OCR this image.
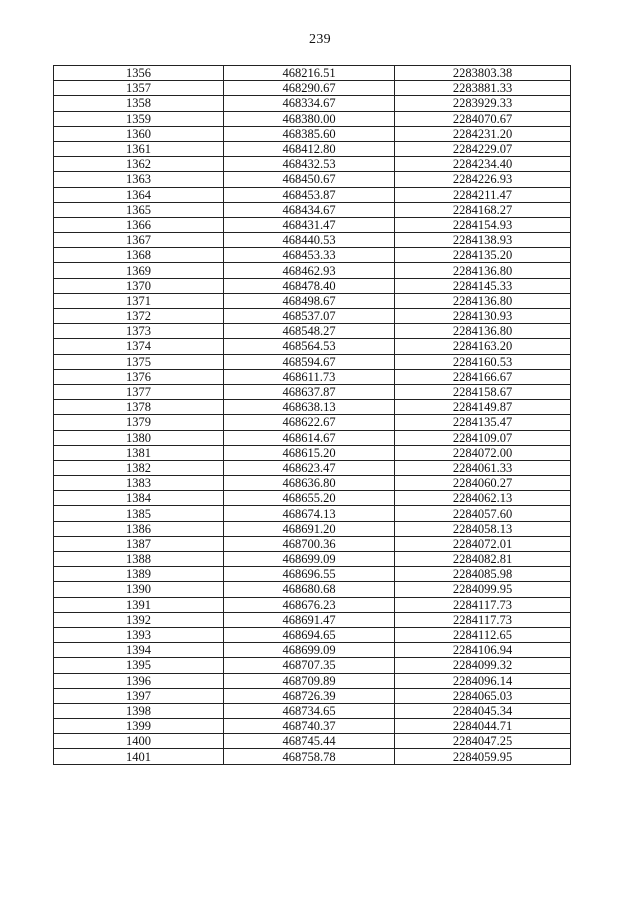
239
1356	468216.51	2283803.38
1357	468290.67	2283881.33
1358	468334.67	2283929.33
1359	468380.00	2284070.67
1360	468385.60	2284231.20
1361	468412.80	2284229.07
1362	468432.53	2284234.40
1363	468450.67	2284226.93
1364	468453.87	2284211.47
1365	468434.67	2284168.27
1366	468431.47	2284154.93
1367	468440.53	2284138.93
1368	468453.33	2284135.20
1369	468462.93	2284136.80
1370	468478.40	2284145.33
1371	468498.67	2284136.80
1372	468537.07	2284130.93
1373	468548.27	2284136.80
1374	468564.53	2284163.20
1375	468594.67	2284160.53
1376	468611.73	2284166.67
1377	468637.87	2284158.67
1378	468638.13	2284149.87
1379	468622.67	2284135.47
1380	468614.67	2284109.07
1381	468615.20	2284072.00
1382	468623.47	2284061.33
1383	468636.80	2284060.27
1384	468655.20	2284062.13
1385	468674.13	2284057.60
1386	468691.20	2284058.13
1387	468700.36	2284072.01
1388	468699.09	2284082.81
1389	468696.55	2284085.98
1390	468680.68	2284099.95
1391	468676.23	2284117.73
1392	468691.47	2284117.73
1393	468694.65	2284112.65
1394	468699.09	2284106.94
1395	468707.35	2284099.32
1396	468709.89	2284096.14
1397	468726.39	2284065.03
1398	468734.65	2284045.34
1399	468740.37	2284044.71
1400	468745.44	2284047.25
1401	468758.78	2284059.95
